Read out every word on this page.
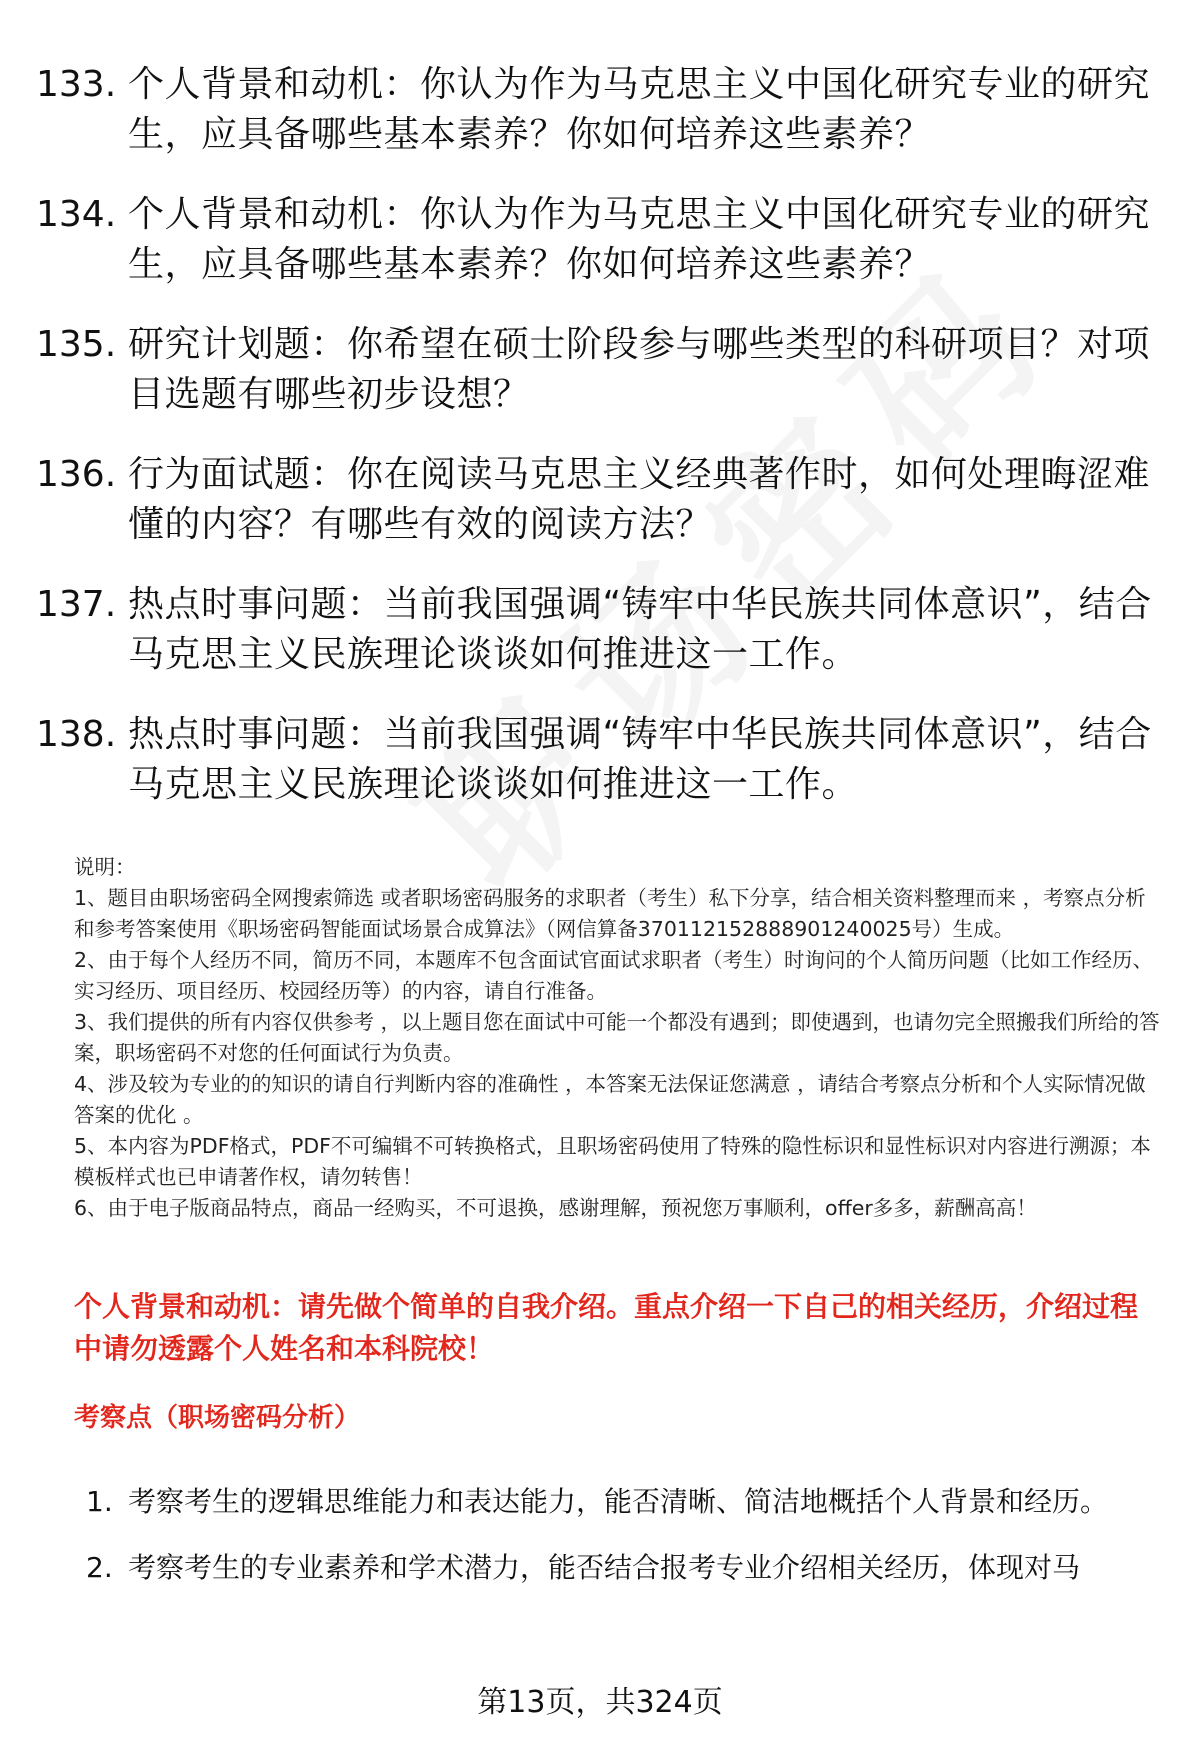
133. 个人背景和动机：你认为作为马克思主义中国化研究专业的研究生，应具备哪些基本素养？你如何培养这些素养？
134. 个人背景和动机：你认为作为马克思主义中国化研究专业的研究生，应具备哪些基本素养？你如何培养这些素养？
135. 研究计划题：你希望在硕士阶段参与哪些类型的科研项目？对项目选题有哪些初步设想？
136. 行为面试题：你在阅读马克思主义经典著作时，如何处理晦涩难懂的内容？有哪些有效的阅读方法？
137. 热点时事问题：当前我国强调“铸牢中华民族共同体意识”，结合马克思主义民族理论谈谈如何推进这一工作。
138. 热点时事问题：当前我国强调“铸牢中华民族共同体意识”，结合马克思主义民族理论谈谈如何推进这一工作。

说明：

1、题目由职场密码全网搜索筛选 或者职场密码服务的求职者（考生）私下分享，结合相关资料整理而来 ，考察点分析和参考答案使用《职场密码智能面试场景合成算法》（网信算备370112152888901240025号）生成。

2、由于每个人经历不同，简历不同，本题库不包含面试官面试求职者（考生）时询问的个人简历问题（比如工作经历、实习经历、项目经历、校园经历等）的内容，请自行准备。

3、我们提供的所有内容仅供参考 ，以上题目您在面试中可能一个都没有遇到；即使遇到，也请勿完全照搬我们所给的答案，职场密码不对您的任何面试行为负责。

4、涉及较为专业的的知识的请自行判断内容的准确性 ，本答案无法保证您满意 ，请结合考察点分析和个人实际情况做答案的优化 。

5、本内容为PDF格式，PDF不可编辑不可转换格式，且职场密码使用了特殊的隐性标识和显性标识对内容进行溯源；本模板样式也已申请著作权，请勿转售！

6、由于电子版商品特点，商品一经购买，不可退换，感谢理解，预祝您万事顺利，offer多多，薪酬高高！

个人背景和动机：请先做个简单的自我介绍。重点介绍一下自己的相关经历，介绍过程中请勿透露个人姓名和本科院校！
考察点（职场密码分析）
1. 考察考生的逻辑思维能力和表达能力，能否清晰、简洁地概括个人背景和经历。
2. 考察考生的专业素养和学术潜力，能否结合报考专业介绍相关经历，体现对马
第13页，共324页
